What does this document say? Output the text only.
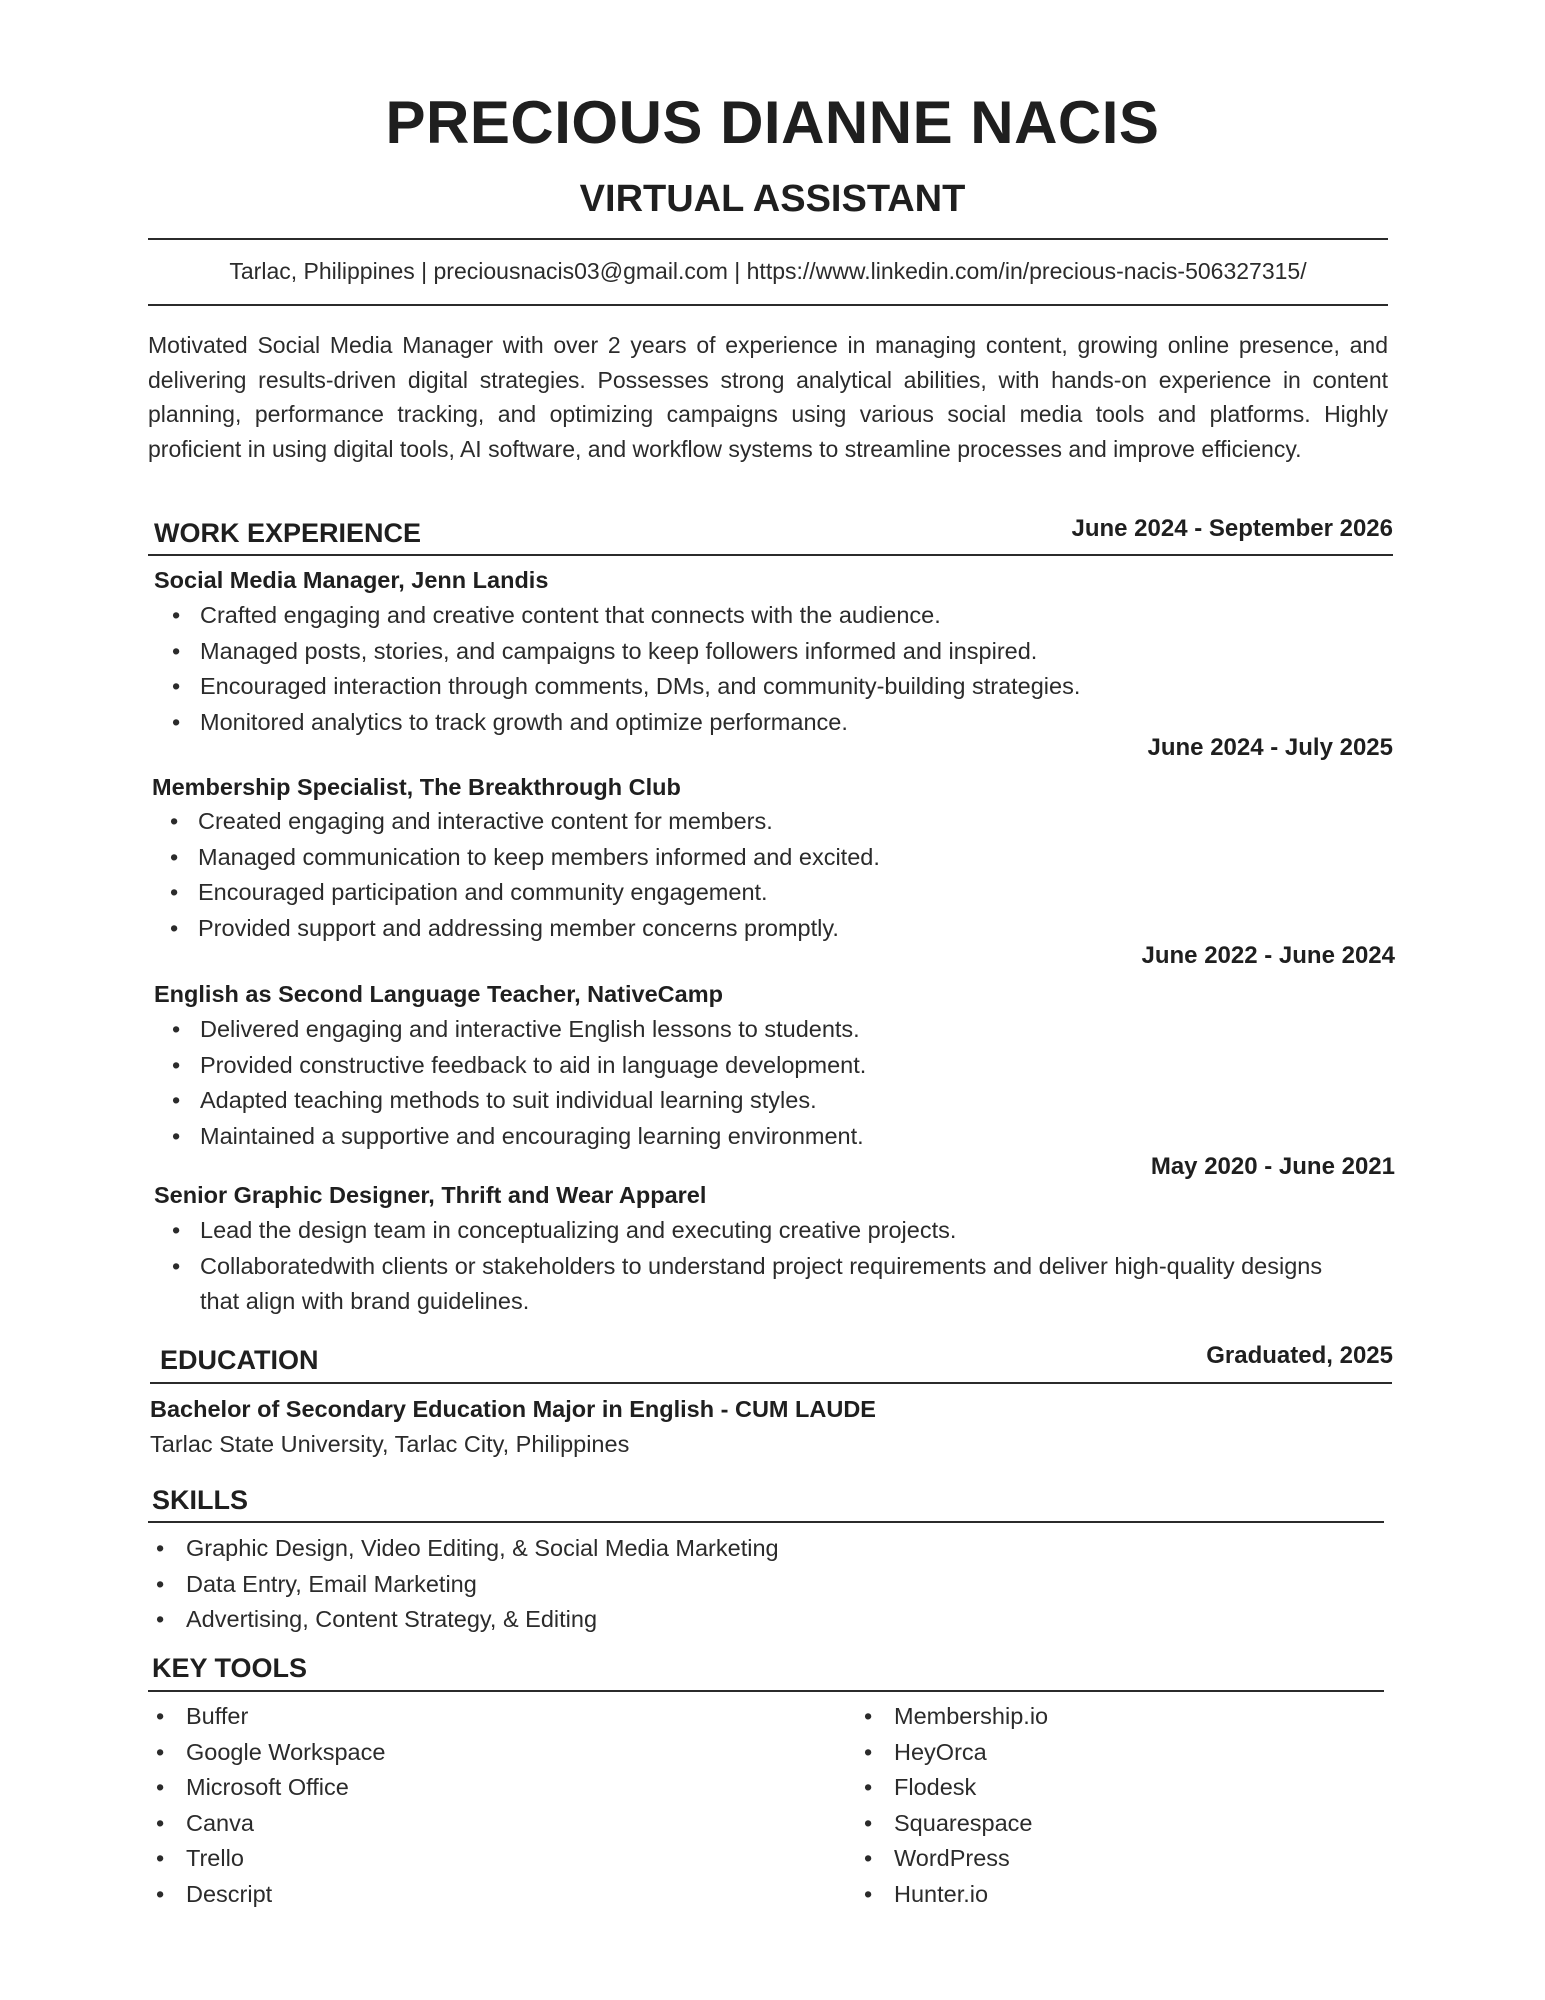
PRECIOUS DIANNE NACIS
VIRTUAL ASSISTANT
Tarlac, Philippines | preciousnacis03@gmail.com | https://www.linkedin.com/in/precious-nacis-506327315/
Motivated Social Media Manager with over 2 years of experience in managing content, growing online presence, and delivering results-driven digital strategies. Possesses strong analytical abilities, with hands-on experience in content planning, performance tracking, and optimizing campaigns using various social media tools and platforms. Highly proficient in using digital tools, AI software, and workflow systems to streamline processes and improve efficiency.
WORK EXPERIENCE	June 2024 - September 2026
Social Media Manager, Jenn Landis
• Crafted engaging and creative content that connects with the audience.
• Managed posts, stories, and campaigns to keep followers informed and inspired.
• Encouraged interaction through comments, DMs, and community-building strategies.
• Monitored analytics to track growth and optimize performance.
June 2024 - July 2025
Membership Specialist, The Breakthrough Club
• Created engaging and interactive content for members.
• Managed communication to keep members informed and excited.
• Encouraged participation and community engagement.
• Provided support and addressing member concerns promptly.
June 2022 - June 2024
English as Second Language Teacher, NativeCamp
• Delivered engaging and interactive English lessons to students.
• Provided constructive feedback to aid in language development.
• Adapted teaching methods to suit individual learning styles.
• Maintained a supportive and encouraging learning environment.
May 2020 - June 2021
Senior Graphic Designer, Thrift and Wear Apparel
• Lead the design team in conceptualizing and executing creative projects.
• Collaboratedwith clients or stakeholders to understand project requirements and deliver high-quality designs that align with brand guidelines.
EDUCATION	Graduated, 2025
Bachelor of Secondary Education Major in English - CUM LAUDE
Tarlac State University, Tarlac City, Philippines
SKILLS
• Graphic Design, Video Editing, & Social Media Marketing
• Data Entry, Email Marketing
• Advertising, Content Strategy, & Editing
KEY TOOLS
• Buffer
• Google Workspace
• Microsoft Office
• Canva
• Trello
• Descript
• Membership.io
• HeyOrca
• Flodesk
• Squarespace
• WordPress
• Hunter.io
